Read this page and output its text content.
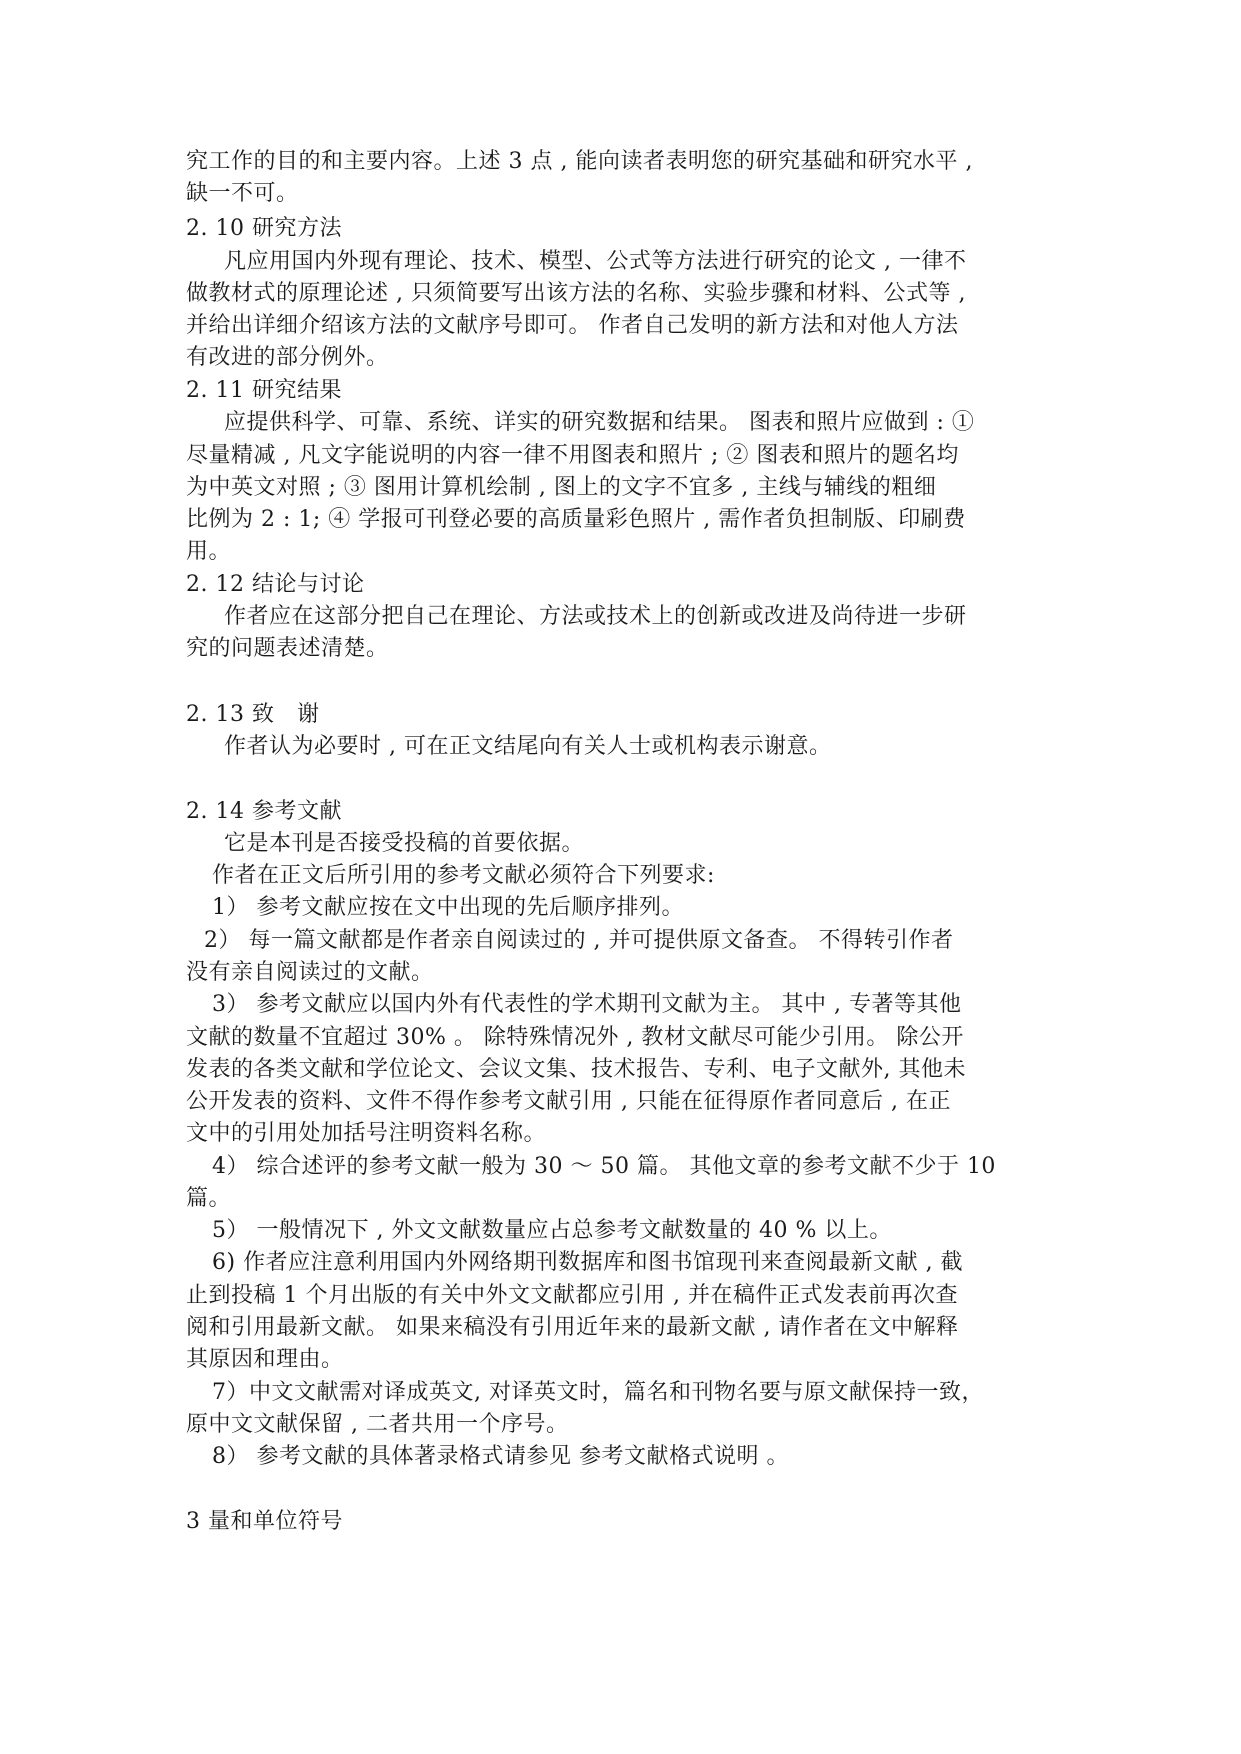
究工作的目的和主要内容。上述 3 点 , 能向读者表明您的研究基础和研究水平 ,

缺一不可。

2. 10 研究方法

凡应用国内外现有理论、技术、模型、公式等方法进行研究的论文 , 一律不

做教材式的原理论述 , 只须简要写出该方法的名称、实验步骤和材料、公式等 ,

并给出详细介绍该方法的文献序号即可。 作者自己发明的新方法和对他人方法

有改进的部分例外。

2. 11 研究结果

应提供科学、可靠、系统、详实的研究数据和结果。 图表和照片应做到 : ①

尽量精减 , 凡文字能说明的内容一律不用图表和照片 ; ② 图表和照片的题名均

为中英文对照 ; ③ 图用计算机绘制 , 图上的文字不宜多 , 主线与辅线的粗细

比例为 2 : 1; ④ 学报可刊登必要的高质量彩色照片 , 需作者负担制版、印刷费

用。

2. 12 结论与讨论

作者应在这部分把自己在理论、方法或技术上的创新或改进及尚待进一步研

究的问题表述清楚。

2. 13 致　谢

作者认为必要时 , 可在正文结尾向有关人士或机构表示谢意。

2. 14 参考文献

它是本刊是否接受投稿的首要依据。

作者在正文后所引用的参考文献必须符合下列要求:

1） 参考文献应按在文中出现的先后顺序排列。

2） 每一篇文献都是作者亲自阅读过的 , 并可提供原文备查。 不得转引作者

没有亲自阅读过的文献。

3） 参考文献应以国内外有代表性的学术期刊文献为主。 其中 , 专著等其他

文献的数量不宜超过 30% 。 除特殊情况外 , 教材文献尽可能少引用。 除公开

发表的各类文献和学位论文、会议文集、技术报告、专利、电子文献外, 其他未

公开发表的资料、文件不得作参考文献引用 , 只能在征得原作者同意后 , 在正

文中的引用处加括号注明资料名称。

4） 综合述评的参考文献一般为 30 ～ 50 篇。 其他文章的参考文献不少于 10

篇。

5） 一般情况下 , 外文文献数量应占总参考文献数量的 40 % 以上。

6) 作者应注意利用国内外网络期刊数据库和图书馆现刊来查阅最新文献 , 截

止到投稿 1 个月出版的有关中外文文献都应引用 , 并在稿件正式发表前再次查

阅和引用最新文献。 如果来稿没有引用近年来的最新文献 , 请作者在文中解释

其原因和理由。

7）中文文献需对译成英文, 对译英文时，篇名和刊物名要与原文献保持一致，

原中文文献保留 , 二者共用一个序号。

8） 参考文献的具体著录格式请参见 参考文献格式说明 。

3 量和单位符号
